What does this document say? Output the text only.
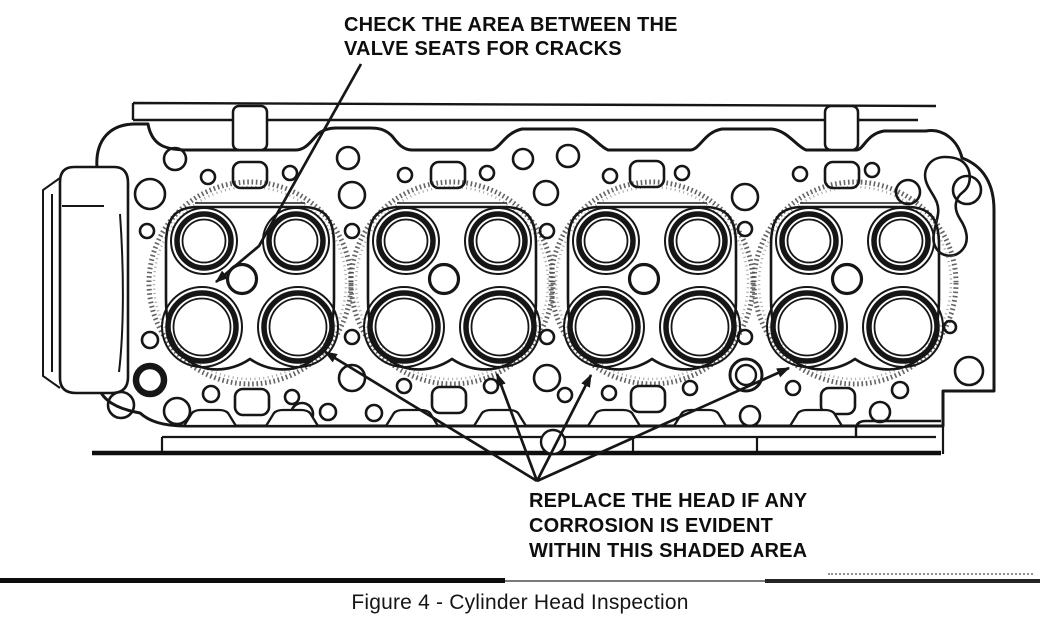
CHECK THE AREA BETWEEN THE
VALVE SEATS FOR CRACKS
REPLACE THE HEAD IF ANY
CORROSION IS EVIDENT
WITHIN THIS SHADED AREA
Figure 4 - Cylinder Head Inspection
